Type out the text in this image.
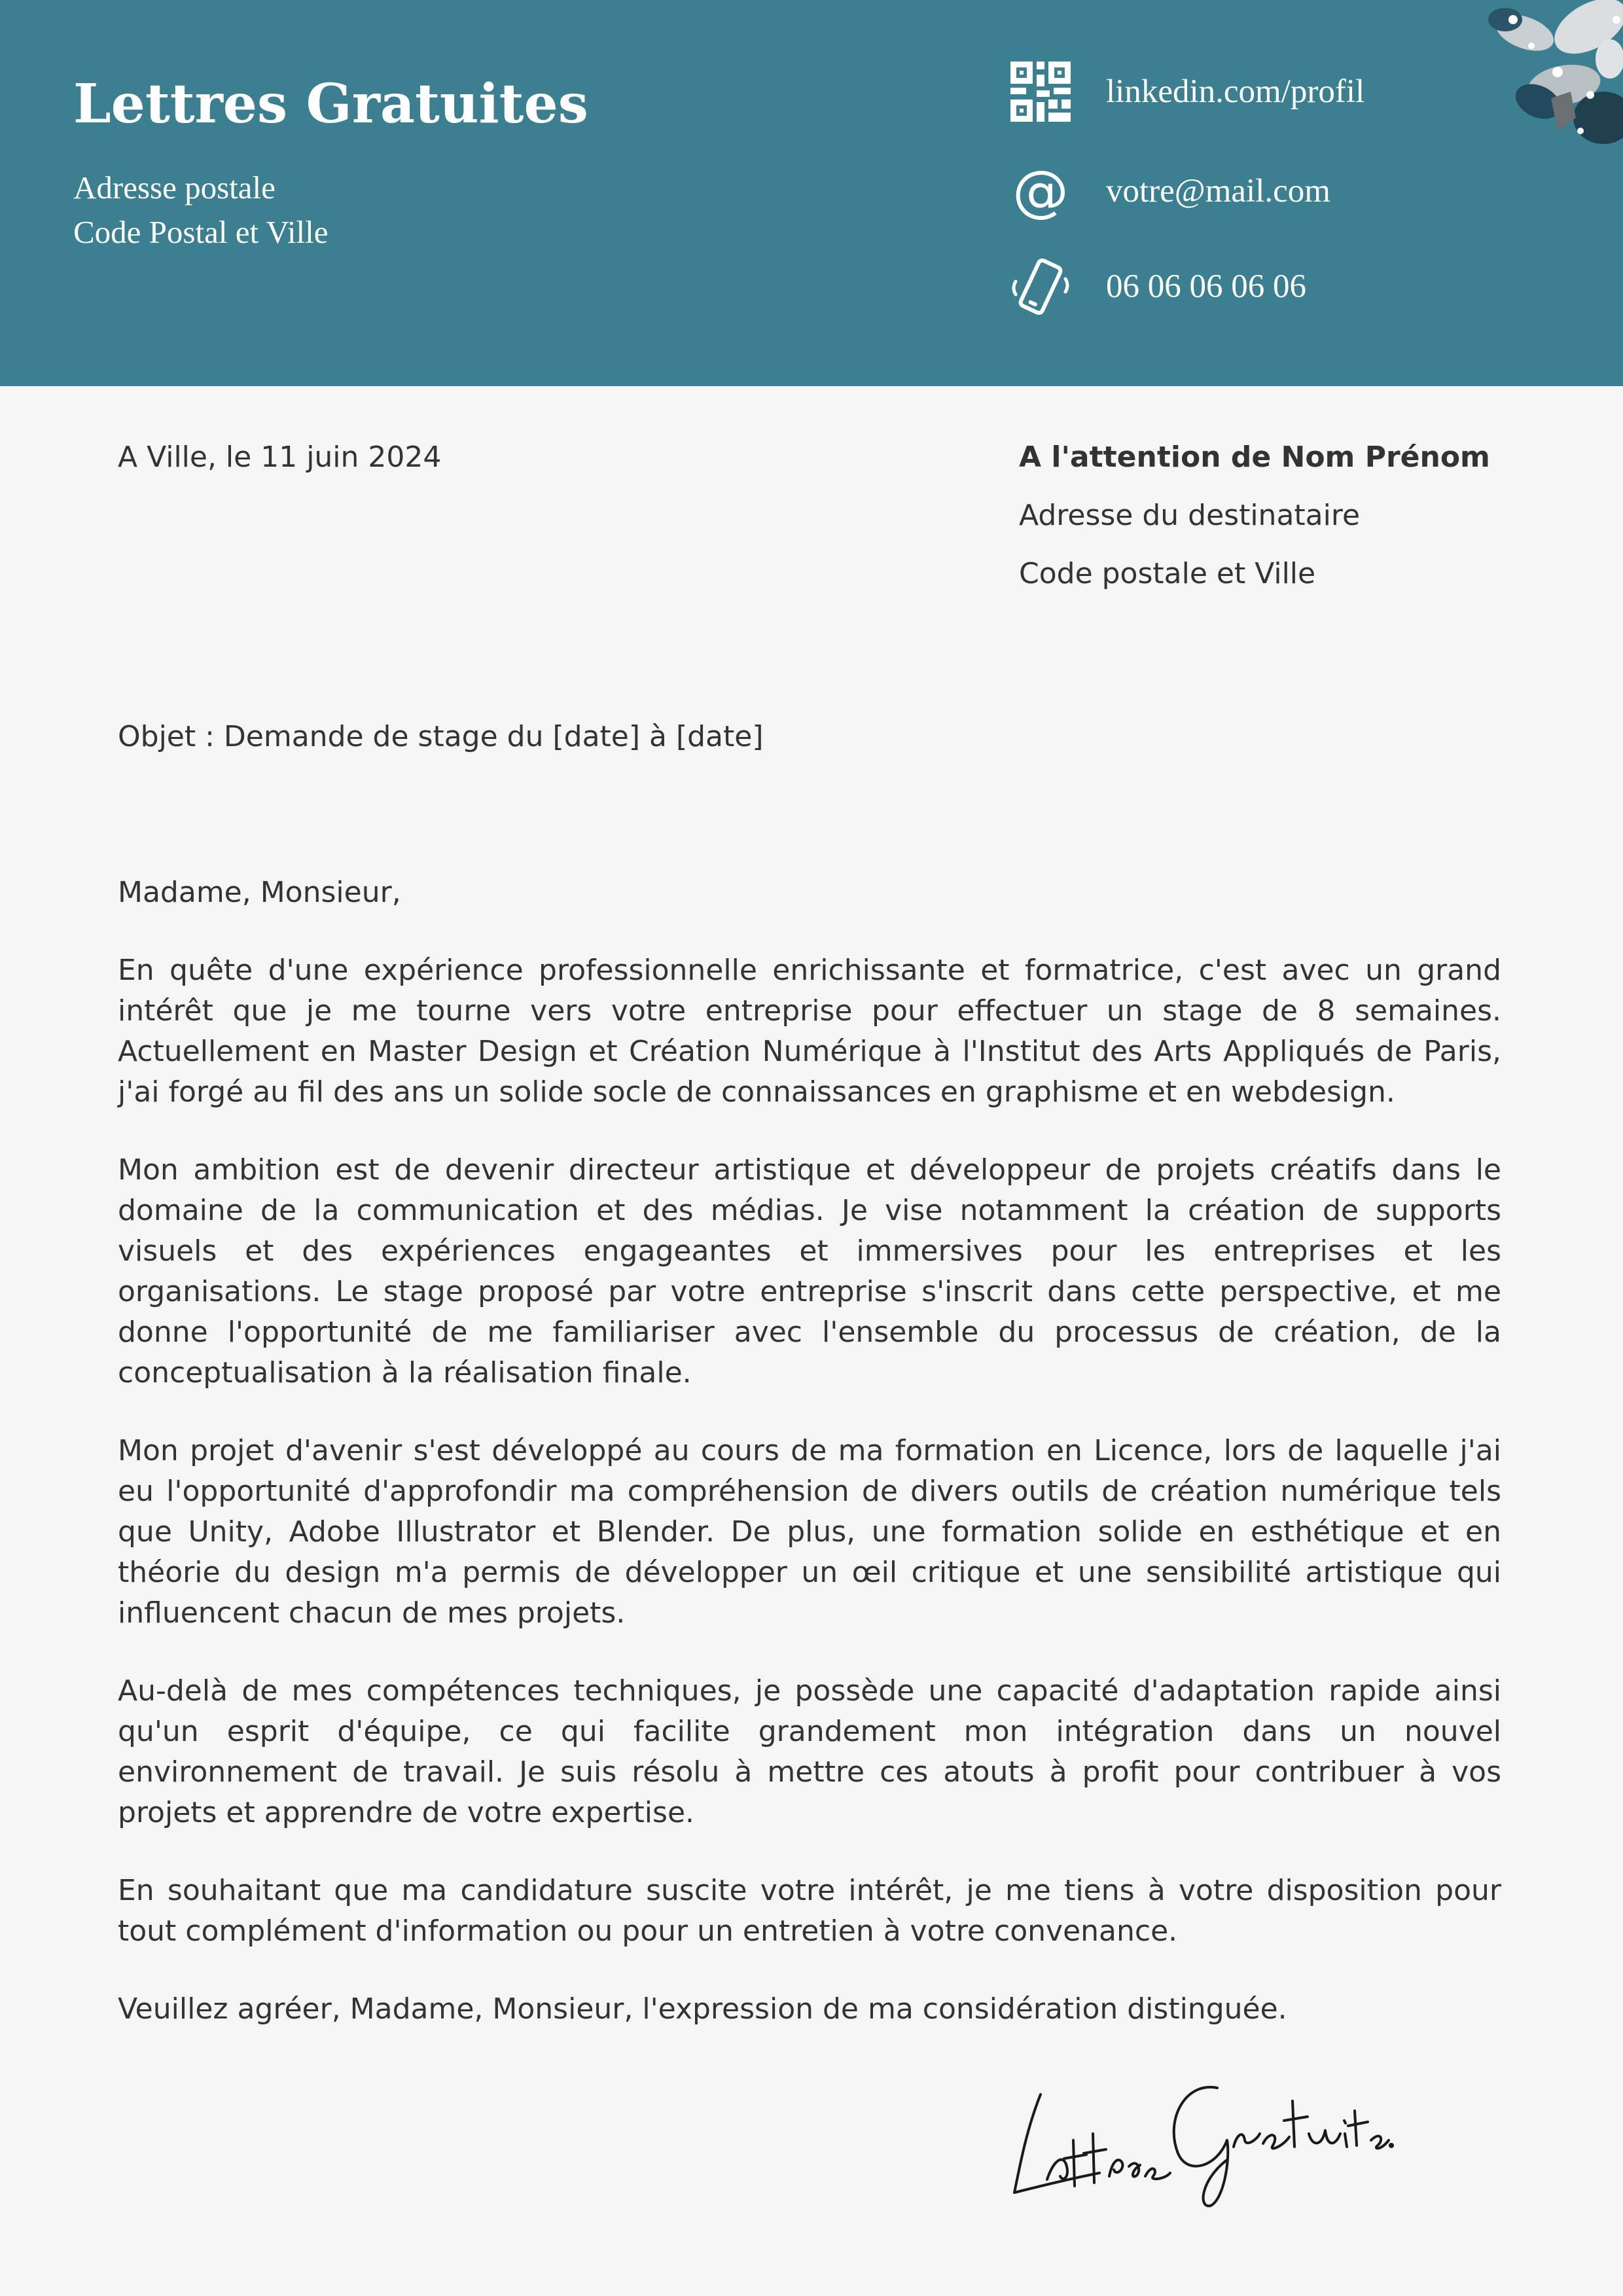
Lettres Gratuites
Adresse postale
Code Postal et Ville
linkedin.com/profil
@ votre@mail.com
06 06 06 06 06
A Ville, le 11 juin 2024	A l'attention de Nom Prénom
Adresse du destinataire
Code postale et Ville
Objet : Demande de stage du [date] à [date]

Madame, Monsieur,

En quête d'une expérience professionnelle enrichissante et formatrice, c'est avec un grand intérêt que je me tourne vers votre entreprise pour effectuer un stage de 8 semaines. Actuellement en Master Design et Création Numérique à l'Institut des Arts Appliqués de Paris, j'ai forgé au fil des ans un solide socle de connaissances en graphisme et en webdesign.

Mon ambition est de devenir directeur artistique et développeur de projets créatifs dans le domaine de la communication et des médias. Je vise notamment la création de supports visuels et des expériences engageantes et immersives pour les entreprises et les organisations. Le stage proposé par votre entreprise s'inscrit dans cette perspective, et me donne l'opportunité de me familiariser avec l'ensemble du processus de création, de la conceptualisation à la réalisation finale.

Mon projet d'avenir s'est développé au cours de ma formation en Licence, lors de laquelle j'ai eu l'opportunité d'approfondir ma compréhension de divers outils de création numérique tels que Unity, Adobe Illustrator et Blender. De plus, une formation solide en esthétique et en théorie du design m'a permis de développer un œil critique et une sensibilité artistique qui influencent chacun de mes projets.

Au-delà de mes compétences techniques, je possède une capacité d'adaptation rapide ainsi qu'un esprit d'équipe, ce qui facilite grandement mon intégration dans un nouvel environnement de travail. Je suis résolu à mettre ces atouts à profit pour contribuer à vos projets et apprendre de votre expertise.

En souhaitant que ma candidature suscite votre intérêt, je me tiens à votre disposition pour tout complément d'information ou pour un entretien à votre convenance.

Veuillez agréer, Madame, Monsieur, l'expression de ma considération distinguée.
